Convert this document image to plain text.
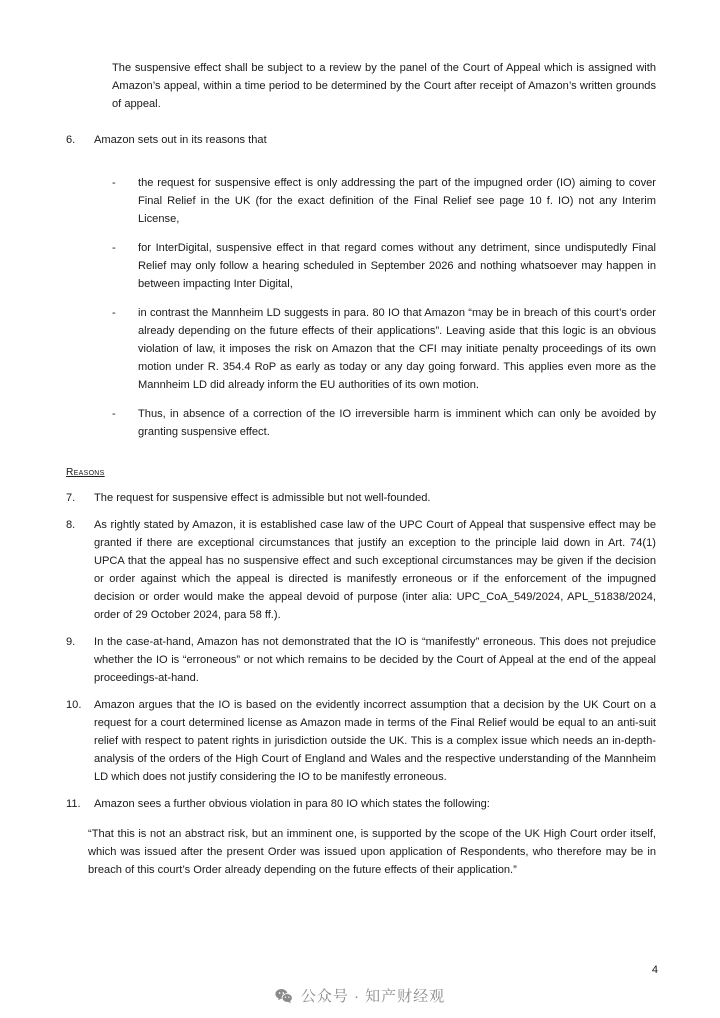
The suspensive effect shall be subject to a review by the panel of the Court of Appeal which is assigned with Amazon’s appeal, within a time period to be determined by the Court after receipt of Amazon’s written grounds of appeal.
6.	Amazon sets out in its reasons that
-	the request for suspensive effect is only addressing the part of the impugned order (IO) aiming to cover Final Relief in the UK (for the exact definition of the Final Relief see page 10 f. IO) not any Interim License,
-	for InterDigital, suspensive effect in that regard comes without any detriment, since undisputedly Final Relief may only follow a hearing scheduled in September 2026 and nothing whatsoever may happen in between impacting Inter Digital,
-	in contrast the Mannheim LD suggests in para. 80 IO that Amazon “may be in breach of this court’s order already depending on the future effects of their applications”. Leaving aside that this logic is an obvious violation of law, it imposes the risk on Amazon that the CFI may initiate penalty proceedings of its own motion under R. 354.4 RoP as early as today or any day going forward. This applies even more as the Mannheim LD did already inform the EU authorities of its own motion.
-	Thus, in absence of a correction of the IO irreversible harm is imminent which can only be avoided by granting suspensive effect.
Reasons
7.	The request for suspensive effect is admissible but not well-founded.
8.	As rightly stated by Amazon, it is established case law of the UPC Court of Appeal that suspensive effect may be granted if there are exceptional circumstances that justify an exception to the principle laid down in Art. 74(1) UPCA that the appeal has no suspensive effect and such exceptional circumstances may be given if the decision or order against which the appeal is directed is manifestly erroneous or if the enforcement of the impugned decision or order would make the appeal devoid of purpose (inter alia: UPC_CoA_549/2024, APL_51838/2024, order of 29 October 2024, para 58 ff.).
9.	In the case-at-hand, Amazon has not demonstrated that the IO is “manifestly” erroneous. This does not prejudice whether the IO is “erroneous” or not which remains to be decided by the Court of Appeal at the end of the appeal proceedings-at-hand.
10.	Amazon argues that the IO is based on the evidently incorrect assumption that a decision by the UK Court on a request for a court determined license as Amazon made in terms of the Final Relief would be equal to an anti-suit relief with respect to patent rights in jurisdiction outside the UK. This is a complex issue which needs an in-depth-analysis of the orders of the High Court of England and Wales and the respective understanding of the Mannheim LD which does not justify considering the IO to be manifestly erroneous.
11.	Amazon sees a further obvious violation in para 80 IO which states the following:
“That this is not an abstract risk, but an imminent one, is supported by the scope of the UK High Court order itself, which was issued after the present Order was issued upon application of Respondents, who therefore may be in breach of this court’s Order already depending on the future effects of their application.”
4
公众号 · 知产财经观
